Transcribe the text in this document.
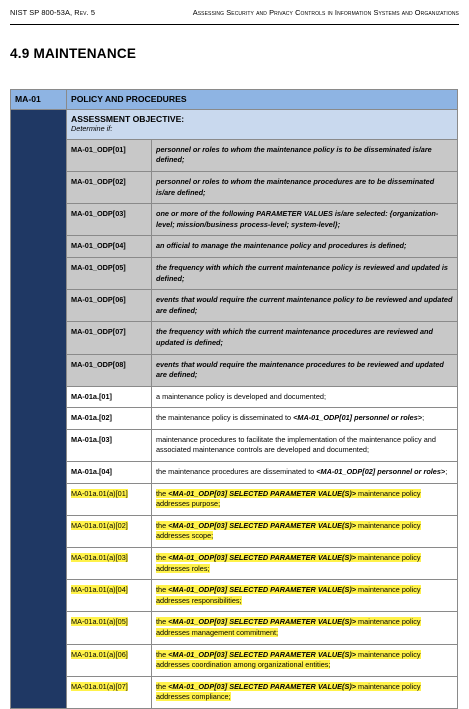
NIST SP 800-53A, Rev. 5	Assessing Security and Privacy Controls in Information Systems and Organizations
4.9 MAINTENANCE
MA-01	POLICY AND PROCEDURES	

	ASSESSMENT OBJECTIVE:
Determine if:	

	MA-01_ODP[01]	personnel or roles to whom the maintenance policy is to be disseminated is/are defined;
	MA-01_ODP[02]	personnel or roles to whom the maintenance procedures are to be disseminated is/are defined;
	MA-01_ODP[03]	one or more of the following PARAMETER VALUES is/are selected: {organization-level; mission/business process-level; system-level};
	MA-01_ODP[04]	an official to manage the maintenance policy and procedures is defined;
	MA-01_ODP[05]	the frequency with which the current maintenance policy is reviewed and updated is defined;
	MA-01_ODP[06]	events that would require the current maintenance policy to be reviewed and updated are defined;
	MA-01_ODP[07]	the frequency with which the current maintenance procedures are reviewed and updated is defined;
	MA-01_ODP[08]	events that would require the maintenance procedures to be reviewed and updated are defined;
	MA-01a.[01]	a maintenance policy is developed and documented;
	MA-01a.[02]	the maintenance policy is disseminated to <MA-01_ODP[01] personnel or roles>;
	MA-01a.[03]	maintenance procedures to facilitate the implementation of the maintenance policy and associated maintenance controls are developed and documented;
	MA-01a.[04]	the maintenance procedures are disseminated to <MA-01_ODP[02] personnel or roles>;
	MA-01a.01(a)[01]	the <MA-01_ODP[03] SELECTED PARAMETER VALUE(S)> maintenance policy addresses purpose;
	MA-01a.01(a)[02]	the <MA-01_ODP[03] SELECTED PARAMETER VALUE(S)> maintenance policy addresses scope;
	MA-01a.01(a)[03]	the <MA-01_ODP[03] SELECTED PARAMETER VALUE(S)> maintenance policy addresses roles;
	MA-01a.01(a)[04]	the <MA-01_ODP[03] SELECTED PARAMETER VALUE(S)> maintenance policy addresses responsibilities;
	MA-01a.01(a)[05]	the <MA-01_ODP[03] SELECTED PARAMETER VALUE(S)> maintenance policy addresses management commitment;
	MA-01a.01(a)[06]	the <MA-01_ODP[03] SELECTED PARAMETER VALUE(S)> maintenance policy addresses coordination among organizational entities;
	MA-01a.01(a)[07]	the <MA-01_ODP[03] SELECTED PARAMETER VALUE(S)> maintenance policy addresses compliance;
